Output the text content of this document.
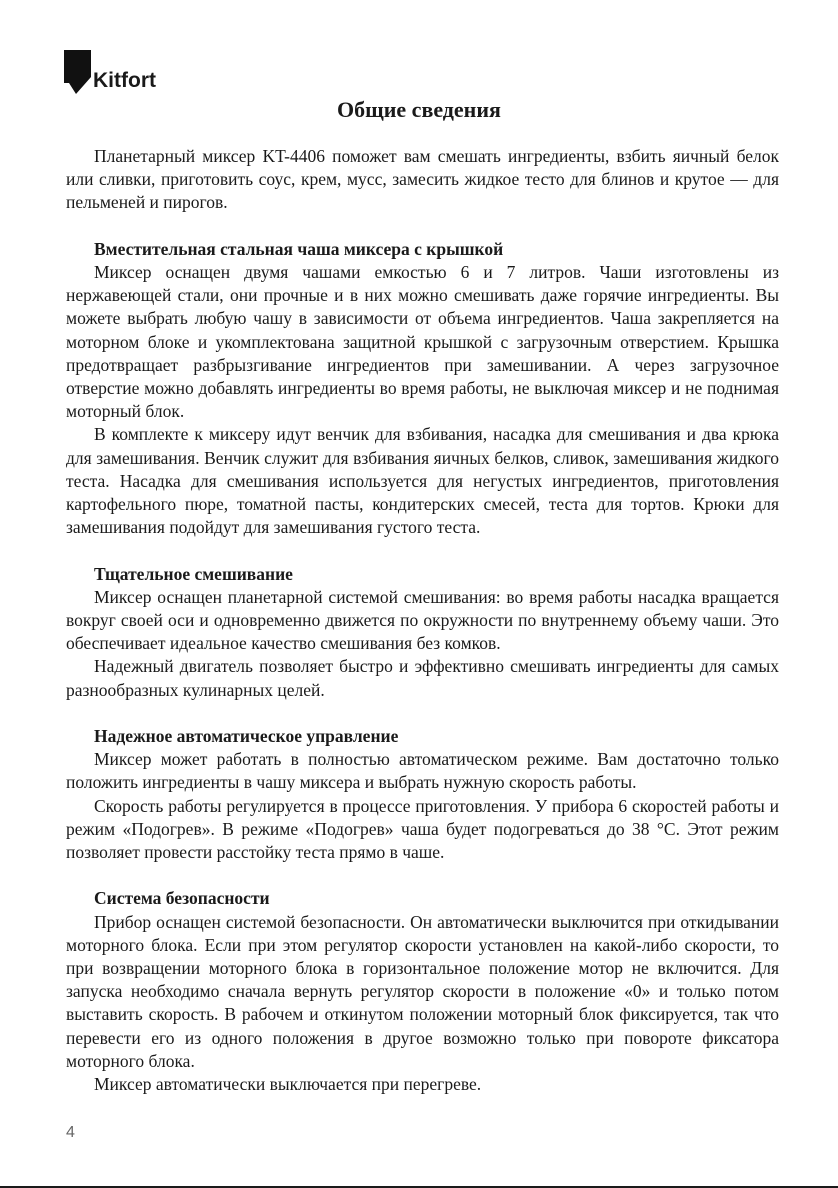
Kitfort
Общие сведения

Планетарный миксер KT-4406 поможет вам смешать ингредиенты, взбить яичный белок или сливки, приготовить соус, крем, мусс, замесить жидкое тесто для блинов и крутое — для пельменей и пирогов.

Вместительная стальная чаша миксера с крышкой

Миксер оснащен двумя чашами емкостью 6 и 7 литров. Чаши изготовлены из нержавеющей стали, они прочные и в них можно смешивать даже горячие ингредиенты. Вы можете выбрать любую чашу в зависимости от объема ингредиентов. Чаша закрепляется на моторном блоке и укомплектована защитной крышкой с загрузочным отверстием. Крышка предотвращает разбрызгивание ингредиентов при замешивании. А через загрузочное отверстие можно добавлять ингредиенты во время работы, не выключая миксер и не поднимая моторный блок.

В комплекте к миксеру идут венчик для взбивания, насадка для смешивания и два крюка для замешивания. Венчик служит для взбивания яичных белков, сливок, замешивания жидкого теста. Насадка для смешивания используется для негустых ингредиентов, приготовления картофельного пюре, томатной пасты, кондитерских смесей, теста для тортов. Крюки для замешивания подойдут для замешивания густого теста.

Тщательное смешивание

Миксер оснащен планетарной системой смешивания: во время работы насадка вращается вокруг своей оси и одновременно движется по окружности по внутреннему объему чаши. Это обеспечивает идеальное качество смешивания без комков.

Надежный двигатель позволяет быстро и эффективно смешивать ингредиенты для самых разнообразных кулинарных целей.

Надежное автоматическое управление

Миксер может работать в полностью автоматическом режиме. Вам достаточно только положить ингредиенты в чашу миксера и выбрать нужную скорость работы.

Скорость работы регулируется в процессе приготовления. У прибора 6 скоростей работы и режим «Подогрев». В режиме «Подогрев» чаша будет подогреваться до 38 °C. Этот режим позволяет провести расстойку теста прямо в чаше.

Система безопасности

Прибор оснащен системой безопасности. Он автоматически выключится при откидывании моторного блока. Если при этом регулятор скорости установлен на какой-либо скорости, то при возвращении моторного блока в горизонтальное положение мотор не включится. Для запуска необходимо сначала вернуть регулятор скорости в положение «0» и только потом выставить скорость. В рабочем и откинутом положении моторный блок фиксируется, так что перевести его из одного положения в другое возможно только при повороте фиксатора моторного блока.

Миксер автоматически выключается при перегреве.

4
